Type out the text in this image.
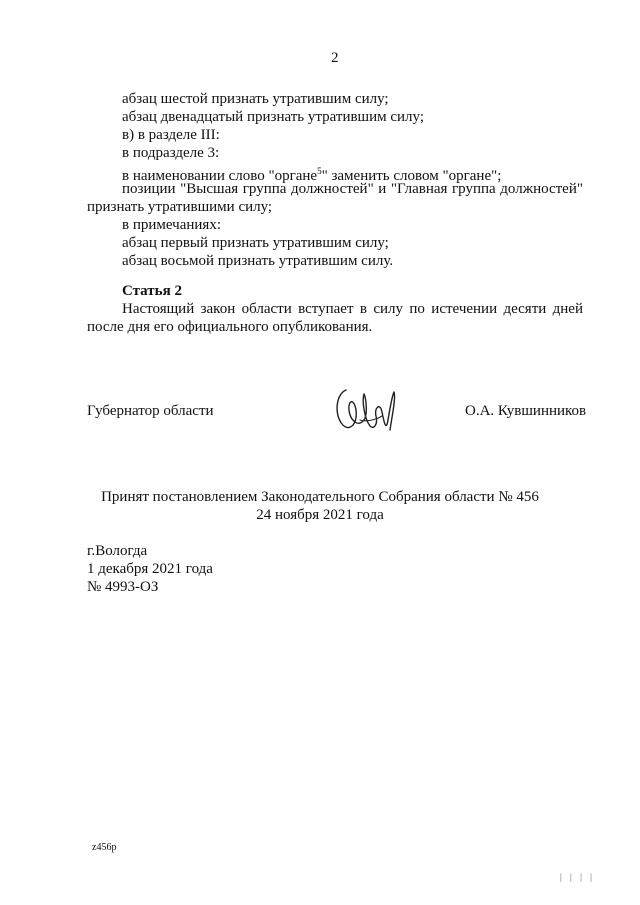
2
абзац шестой признать утратившим силу;
абзац двенадцатый признать утратившим силу;
в) в разделе III:
в подразделе 3:
в наименовании слово "органе$^5$" заменить словом "органе";
позиции "Высшая группа должностей" и "Главная группа должностей"
признать утратившими силу;
в примечаниях:
абзац первый признать утратившим силу;
абзац восьмой признать утратившим силу.
Статья 2
Настоящий закон области вступает в силу по истечении десяти дней
после дня его официального опубликования.
Губернатор области	О.А. Кувшинников
Принят постановлением Законодательного Собрания области № 456
24 ноября 2021 года
г.Вологда
1 декабря 2021 года
№ 4993-ОЗ
z456p
| | | |
